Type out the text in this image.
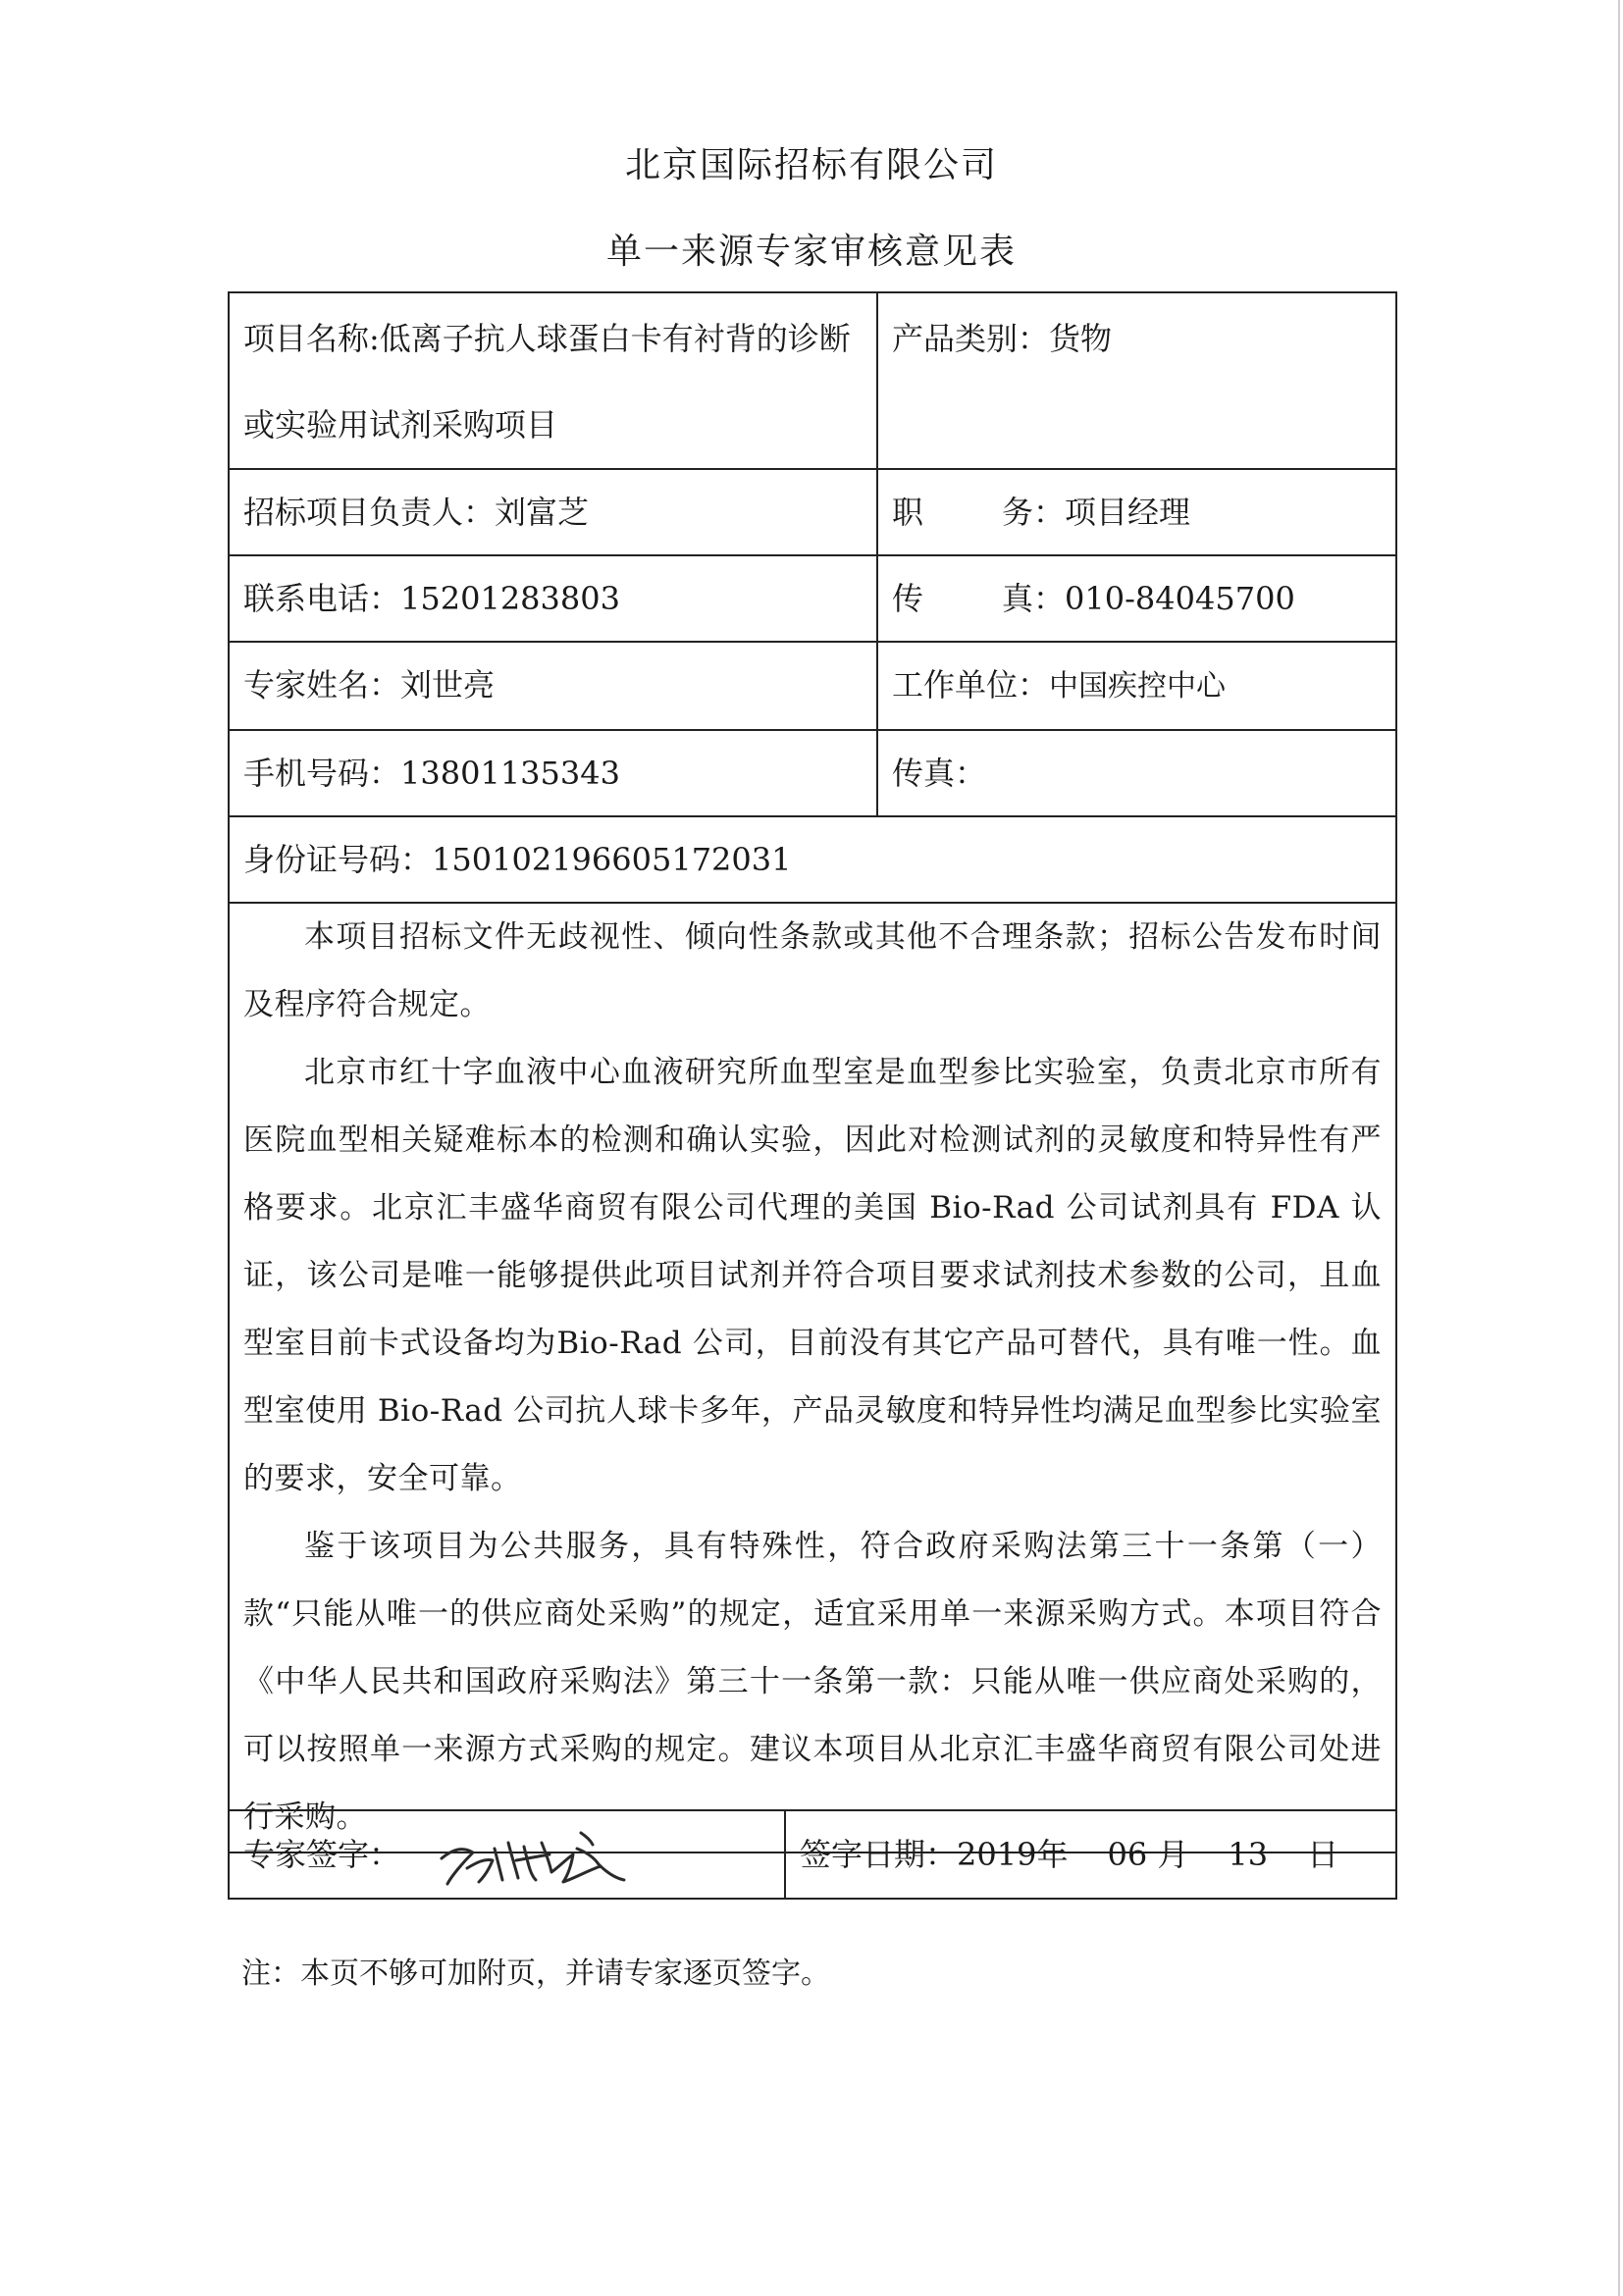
北京国际招标有限公司
单一来源专家审核意见表
项目名称:低离子抗人球蛋白卡有衬背的诊断或实验用试剂采购项目	产品类别：货物
招标项目负责人：刘富芝	职 务：项目经理
联系电话：15201283803	传 真：010-84045700
专家姓名：刘世亮	工作单位：中国疾控中心
手机号码：13801135343	传真：
身份证号码：150102196605172031	

本项目招标文件无歧视性、倾向性条款或其他不合理条款；招标公告发布时间及程序符合规定。

北京市红十字血液中心血液研究所血型室是血型参比实验室，负责北京市所有医院血型相关疑难标本的检测和确认实验，因此对检测试剂的灵敏度和特异性有严格要求。北京汇丰盛华商贸有限公司代理的美国 Bio-Rad 公司试剂具有 FDA 认证，该公司是唯一能够提供此项目试剂并符合项目要求试剂技术参数的公司，且血型室目前卡式设备均为Bio-Rad 公司，目前没有其它产品可替代，具有唯一性。血型室使用 Bio-Rad 公司抗人球卡多年，产品灵敏度和特异性均满足血型参比实验室的要求，安全可靠。

鉴于该项目为公共服务，具有特殊性，符合政府采购法第三十一条第（一）款“只能从唯一的供应商处采购”的规定，适宜采用单一来源采购方式。本项目符合《中华人民共和国政府采购法》第三十一条第一款：只能从唯一供应商处采购的，可以按照单一来源方式采购的规定。建议本项目从北京汇丰盛华商贸有限公司处进行采购。	

专家签字：	签字日期：2019年 06 月 13 日

注：本页不够可加附页，并请专家逐页签字。
